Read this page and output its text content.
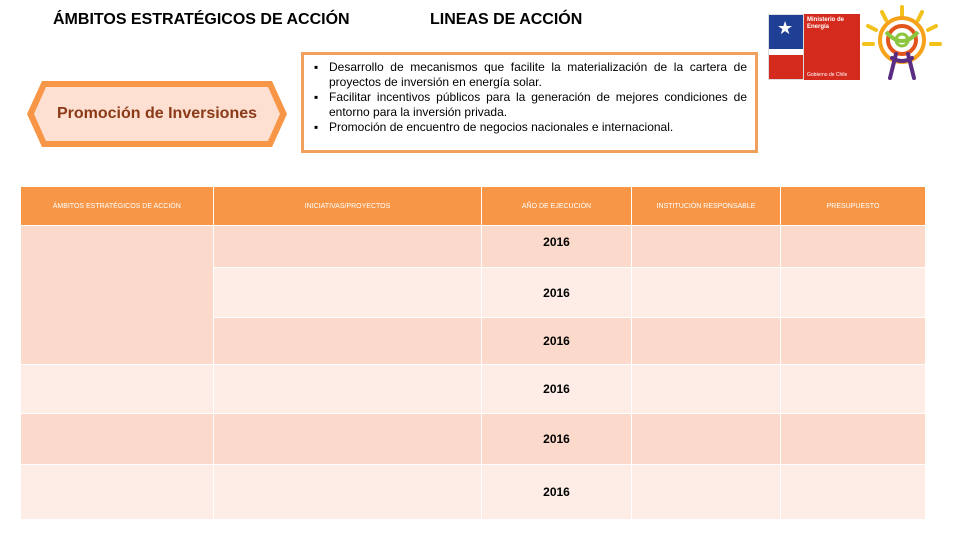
ÁMBITOS ESTRATÉGICOS DE ACCIÓN	LINEAS DE ACCIÓN	★ Ministerio de
Energía
Gobierno de Chile
Promoción de Inversiones
▪ Desarrollo de mecanismos que facilite la materialización de la cartera de proyectos de inversión en energía solar.
▪ Facilitar incentivos públicos para la generación de mejores condiciones de entorno para la inversión privada.
▪ Promoción de encuentro de negocios nacionales e internacional.
ÁMBITOS ESTRATÉGICOS DE ACCIÓN	INICIATIVAS/PROYECTOS	AÑO DE EJECUCIÓN	INSTITUCIÓN RESPONSABLE	PRESUPUESTO
		2016		
		2016		
		2016		
		2016		
		2016		
		2016		
